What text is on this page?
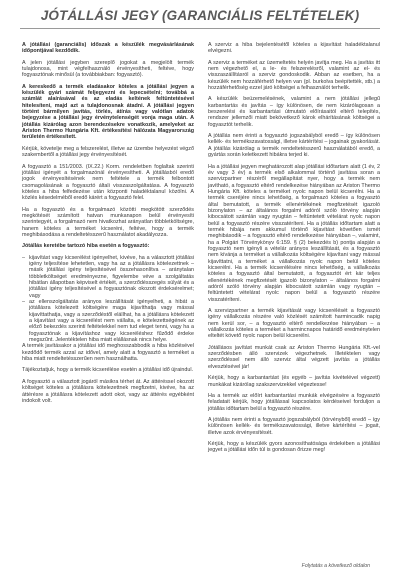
JÓTÁLLÁSI JEGY (GARANCIÁLIS FELTÉTELEK)

A jótállási (garanciális) időszak a készülék megvásárlásának időpontjával kezdődik.

A jelen jótállási jegyben szereplő jogokat a megjelölt termék tulajdonosa, mint végfelhasználó érvényesítheti, feltéve, hogy fogyasztónak minősül (a továbbiakban: fogyasztó).

A kereskedő a termék eladásakor köteles a jótállási jegyen a készülék gyári számát feljegyezni és lepecsételni; továbbá a számlát alaírásával és az eladás keltének feltüntetésével hitelesíteni, majd azt a tulajdonosnak átadni. A jótállási jegyen történt bármilyen javítás, törlés, átírás vagy valótlan adatok bejegyzése a jótállási jegy érvénytelenségét vonja maga után. A jótállás kizárólag azon berendezésekre vonatkozik, amelyeket az Ariston Thermo Hungária Kft. értékesítési hálózata Magyarország területén értékesített.

Kérjük, követelje meg a felszerelést, illetve az üzembe helyezést végző szakembertől a jótállási jegy érvényesítését.

A fogyasztó a 151/2003. (IX.22.) Korm. rendeletben foglaltak szerinti jótállási igényét a forgalmazónál érvényesítheti. A jótállásból eredő jogok érvényesítésének nem feltétele a termék felbontott csomagolásának a fogyasztó általi visszaszolgáltatása. A fogyasztó köteles a hiba felfedezése után központi haladéktalanul közölni. A közlés késedelméből eredő kárért a fogyasztó felel.

Ha a fogyasztó és a forgalmazó közötti megkötött szerződés megkötését számított hatvan munkanapon belül érvényesíti szerintegyét, a forgalmazó nem hivatkozhat arányatlan többletköltségre, hanem köteles a terméket kicseréni, feltéve, hogy a termék meghibásodása a rendeltetésszerű használatot akadályozza.

Jótállás keretébe tartozó hiba esetén a fogyasztó:

– kijavítást vagy kicserélést igényelhet, kivéve, ha a választott jótállási igény teljesítése lehetetlen, vagy ha az a jótállásra kötelezettnek – másik jótállási igény teljesítésével összehasonlítva – aránytalan többletköltséget eredményezne, figyelembe véve a szolgáltatás hibátlan állapotban képviselt értékét, a szerződésszegés súlyát és a jótállási igény teljesítésével a fogyasztónak okozott érdeksérelmet; vagy
– az ellenszolgáltatás arányos leszállítását igényelheti, a hibát a jótállásra kötelezett költségére maga kijavíthatja vagy mással kijavíttathatja, vagy a szerződéstől elállhat, ha a jótállásra kötelezett a kijavítást vagy a kicserélést nem vállalta, e kötelezettségének az előző bekezdés szerinti feltételekkel nem tud eleget tenni, vagy ha a fogyasztónak a kijavításhoz vagy kicseréléshez fűződő érdeke megszűnt. Jelentéktelen hiba miatt elállásnak nincs helye.

A termék javításakor a jótállási idő meghosszabbodik a hiba közlésével kezdődő termék azzal az idővel, amely alatt a fogyasztó a terméket a hiba miatt rendeltetésszerűen nem használhatta.

Tájékoztatjuk, hogy a termék kicserélése esetén a jótállási idő újraindul.

A fogyasztó a választott jogáról másikra térhet át. Az áttéréssel okozott költséget köteles a jótállásra kötelezettnek megfizetni, kivéve, ha az áttérésre a jótállásra kötelezett adott okot, vagy az áttérés egyébként indokolt volt.

A szerviz a hiba bejelentésétől köteles a kijavítást haladéktalanul elvégezni.

A szerviz a terméket az üzemeltetés helyén javítja meg. Ha a javítás itt nem végezhető el, a le- és felszerelésről, valamint az el- és visszaszállításról a szerviz gondoskodik. Abban az esetben, ha a készülék nem hozzáférhető helyen van (pl. burkolva beépítették, stb.) a hozzáférhetőség ezzel járó költségei a felhasználót terhelik.

A készülék beüzemelésének, valamint a nem jótállási jellegű karbantartás és javítás – így különösen, de nem kizárólagosan a beszerelési és karbantartási útmutató előírásaitól eltérő telepítés, rendszer jellemzői miatt bekövetkező károk elhárításának költségei a fogyasztót terhelik.

A jótállás nem érinti a fogyasztó jogszabályból eredő – így különösen kellék- és termékszavatossági, illetve kártérítési – jogainak gyakorlását. A jótállás kizárólag a termék rendeltetésszerű használatából eredő, a gyártás során keletkezett hibákra terjed ki.

Ha a jótállási jegyen meghatározott alap jótállási időtartam alatt (1 év, 2 év vagy 3 év) a termék első alkalommal történő javítása soran a szervizpartner részéről megállapítást nyer, hogy a termék nem javítható, a fogyasztó eltérő rendelkezése hiányában az Ariston Thermo Hungária Kft. köteles a terméket nyolc napon belül kicserélni. Ha a termék cseréjére nincs lehetőség, a forgalmazó köteles a fogyasztó által bemutatott, a termék ellenértékének megfizetését igazoló bizonylaton – az általános forgalmi adóról szóló törvény alapján kibocsátott számlán vagy nyugtán – feltüntetett vételárat nyolc napon belül a fogyasztó részére visszatéríteni. Ha a jótállás időtartam alatt a termék hibája nem akkumul történő kijavítást követően ismét meghibásodik – a fogyasztó eltérő rendelkezése hiányában –, valamint, ha a Polgári Törvénykönyv 6:159. § (2) bekezdés b) pontja alapján a fogyasztó nem igényli a vételár arányos leszállítását, és a fogyasztó nem kívánja a terméket a vállalkozás költségére kijavítani vagy mással kijavíttatni, a terméket a vállalkozás nyolc napon belül köteles kicserélni. Ha a termék kicserélésére nincs lehetőség, a vállalkozás köteles a fogyasztó által bemutatott, a fogyasztót ért kár teljes ellenértékének megfizetését igazoló bizonylaton – általános forgalmi adóról szóló törvény alapján kibocsátott számlán vagy nyugtán – feltüntetett vételárat nyolc napon belül a fogyasztó részére visszatéríteni.

A szervizpartner a termék kijavítását vagy kicserélését a fogyasztó igény vállalkozás részére való közlését számított harmincadik napig nem kerül sor, – a fogyasztó eltérő rendelkezése hiányában – a vállalkozás köteles a terméket a harmincnapos határidő eredménytelen elteltét követő nyolc napon belül kicserélni.

Jótállásos javítást munkát csak az Ariston Thermo Hungária Kft.-vel szerződésben álló szervizek végezhetnek. Illetéktelen vagy szerződéssel nem álló szerviz által végzett javítás a jótállás elvesztésével jár!

Kérjük, hogy a karbantartást (és egyéb – javítás kivételével végzett) munkákat kizárólag szakszervizekkel végeztesse!

Ha a termék az előírt karbantartási munkák elvégzésére a fogyasztó feladatait kérjük, hogy jótállással kapcsolatos kérdéseivel forduljon a jótállás időtartam belül a fogyasztó részére.

A jótállás nem érinti a fogyasztó jogszabályból (törvényből) eredő – így különösen kellék- és termékszavatossági, illetve kártérítési – jogait, illetve azok érvényesítését.

Kérjük, hogy a készülék gyors azonosíthatósága érdekében a jótállási jegyet a jótállási időn túl is gondosan őrizze meg!

Folytatás a következő oldalon
